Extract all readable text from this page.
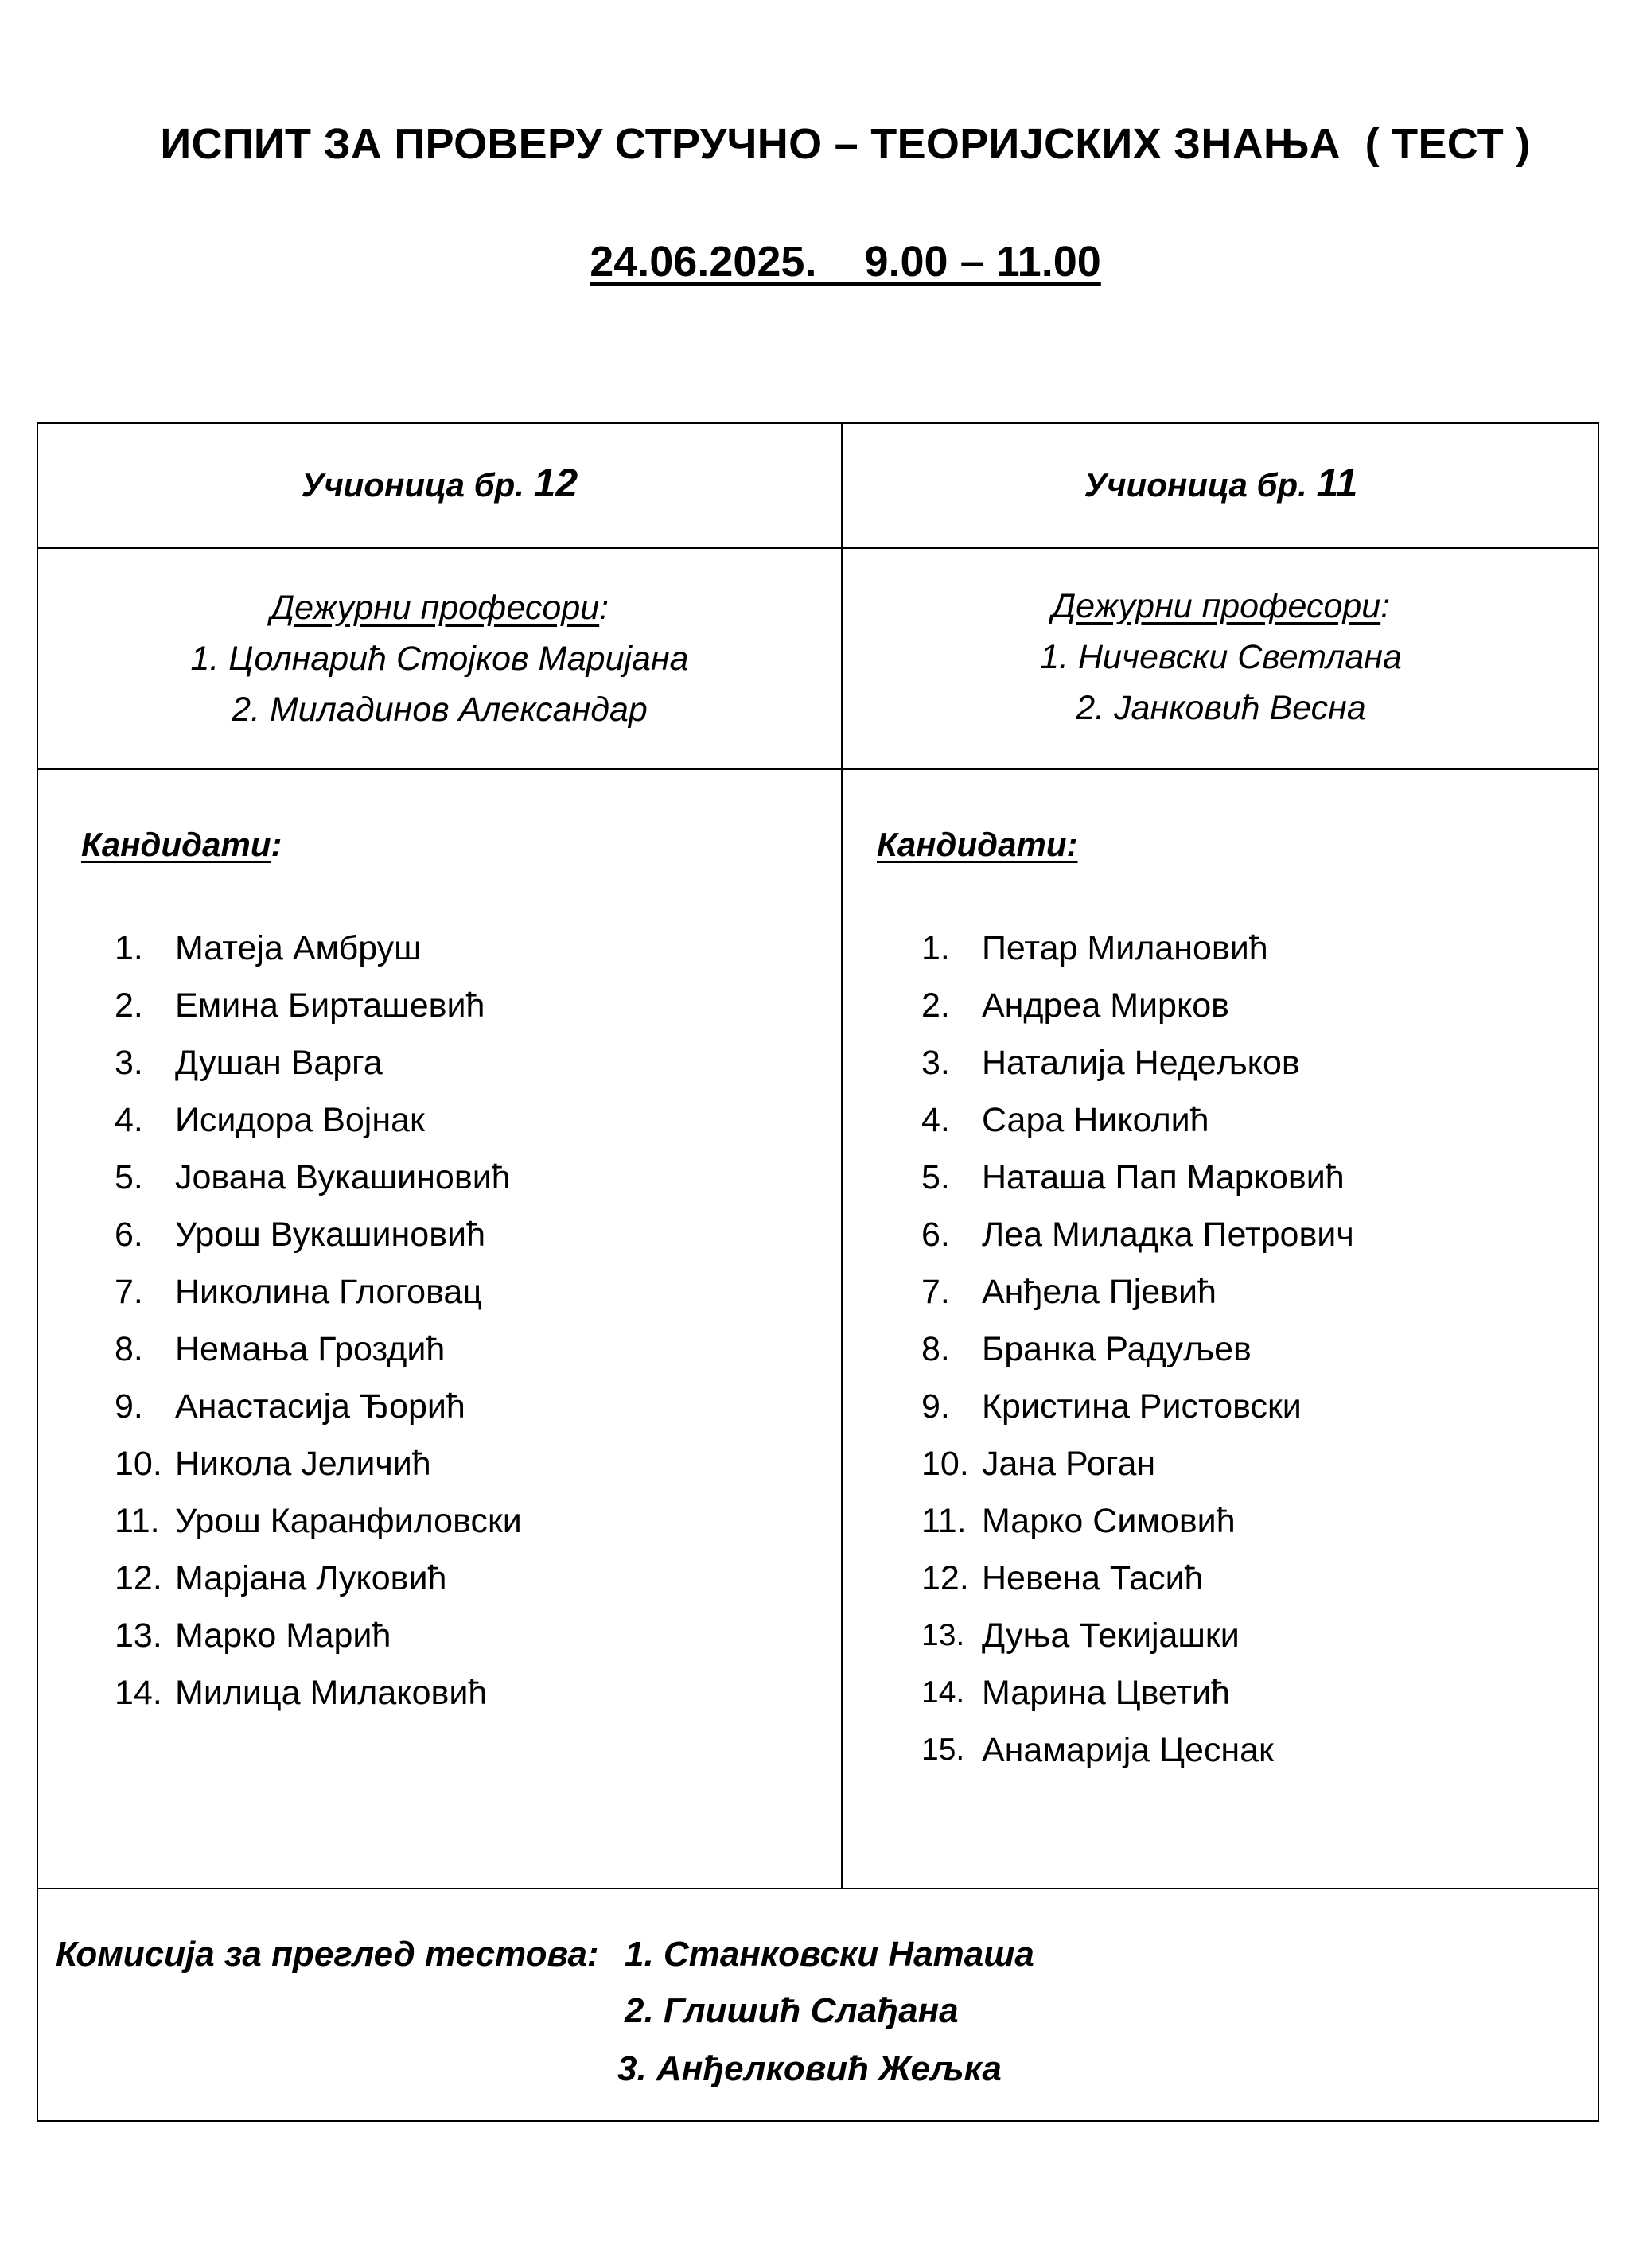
ИСПИТ ЗА ПРОВЕРУ СТРУЧНО – ТЕОРИЈСКИХ ЗНАЊА  ( ТЕСТ )
24.06.2025.    9.00 – 11.00
Учионица бр. 12	Учионица бр. 11
Дежурни професори:
1. Цолнарић Стојков Маријана
2. Миладинов Александар
Дежурни професори:
1. Ничевски Светлана
2. Јанковић Весна
Кандидати:
1. Матеја Амбруш
2. Емина Бирташевић
3. Душан Варга
4. Исидора Војнак
5. Јована Вукашиновић
6. Урош Вукашиновић
7. Николина Глоговац
8. Немања Гроздић
9. Анастасија Ђорић
10. Никола Јеличић
11. Урош Каранфиловски
12. Марјана Луковић
13. Марко Марић
14. Милица Милаковић
Кандидати:
1. Петар Милановић
2. Андреа Мирков
3. Наталија Недељков
4. Сара Николић
5. Наташа Пап Марковић
6. Леа Миладка Петрович
7. Анђела Пјевић
8. Бранка Радуљев
9. Кристина Ристовски
10. Јана Роган
11. Марко Симовић
12. Невена Тасић
13. Дуња Текијашки
14. Марина Цветић
15. Анамарија Цеснак
Комисија за преглед тестова: 1. Станковски Наташа
2. Глишић Слађана
3. Анђелковић Жељка
